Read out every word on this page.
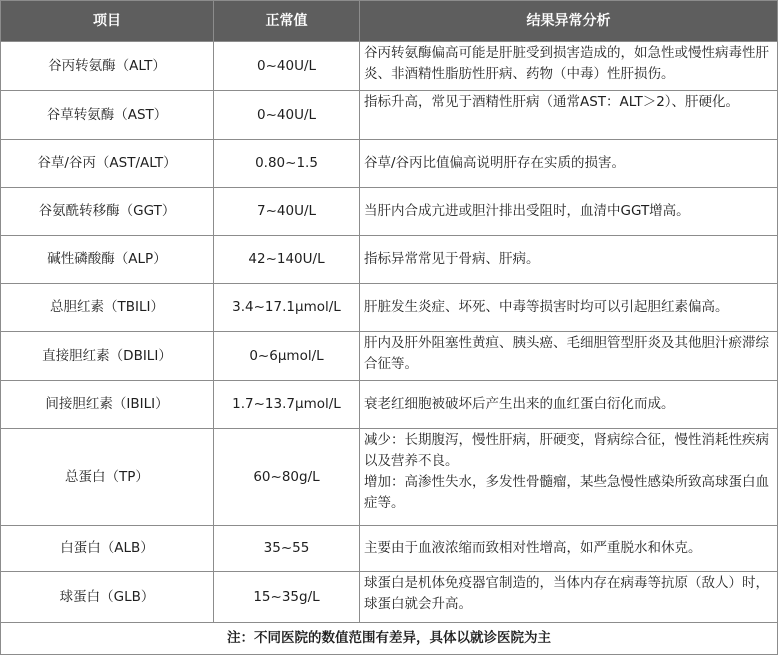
项目	正常值	结果异常分析
谷丙转氨酶（ALT）	0~40U/L	谷丙转氨酶偏高可能是肝脏受到损害造成的，如急性或慢性病毒性肝炎、非酒精性脂肪性肝病、药物（中毒）性肝损伤。

谷草转氨酶（AST）	0~40U/L	指标升高，常见于酒精性肝病（通常AST：ALT＞2）、肝硬化。

谷草/谷丙（AST/ALT）	0.80~1.5	谷草/谷丙比值偏高说明肝存在实质的损害。

谷氨酰转移酶（GGT）	7~40U/L	当肝内合成亢进或胆汁排出受阻时，血清中GGT增高。

碱性磷酸酶（ALP）	42~140U/L	指标异常常见于骨病、肝病。

总胆红素（TBILI）	3.4~17.1μmol/L	肝脏发生炎症、坏死、中毒等损害时均可以引起胆红素偏高。

直接胆红素（DBILI）	0~6μmol/L	肝内及肝外阻塞性黄疸、胰头癌、毛细胆管型肝炎及其他胆汁瘀滞综合征等。

间接胆红素（IBILI）	1.7~13.7μmol/L	衰老红细胞被破坏后产生出来的血红蛋白衍化而成。

总蛋白（TP）	60~80g/L	减少：长期腹泻，慢性肝病，肝硬变，肾病综合征，慢性消耗性疾病以及营养不良。
增加：高渗性失水，多发性骨髓瘤，某些急慢性感染所致高球蛋白血症等。

白蛋白（ALB）	35~55	主要由于血液浓缩而致相对性增高，如严重脱水和休克。

球蛋白（GLB）	15~35g/L	球蛋白是机体免疫器官制造的，当体内存在病毒等抗原（敌人）时，球蛋白就会升高。

注：不同医院的数值范围有差异，具体以就诊医院为主		
